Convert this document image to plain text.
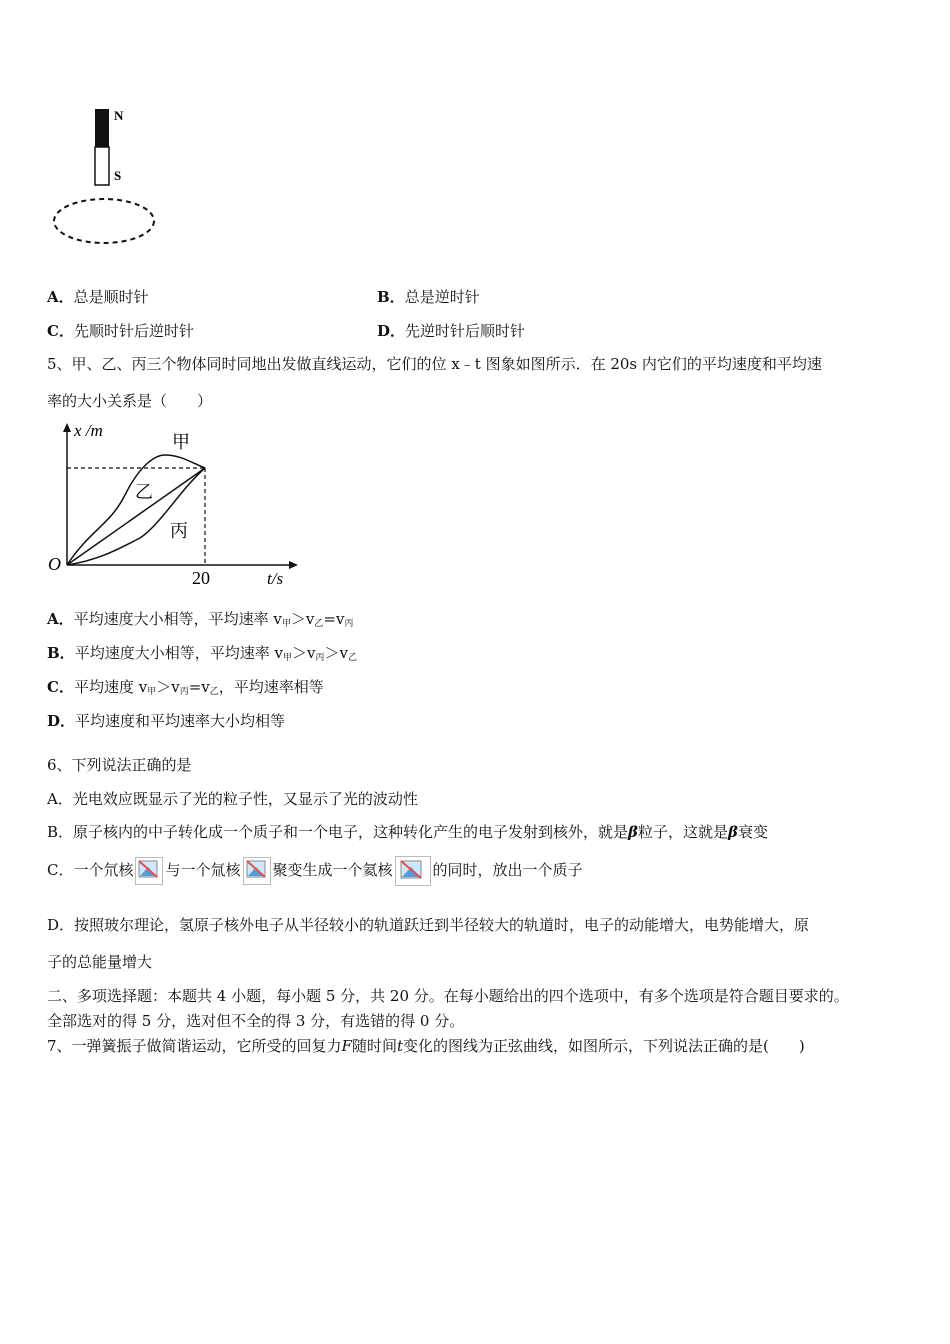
N
S
A．总是顺时针	B．总是逆时针
C．先顺时针后逆时针	D．先逆时针后顺时针
5、甲、乙、丙三个物体同时同地出发做直线运动，它们的位 x﹣t 图象如图所示．在 20s 内它们的平均速度和平均速
率的大小关系是（　　）
x /m
t/s
O
20
甲
乙
丙
A．平均速度大小相等，平均速率 $v_甲>v_乙=v_丙$
B．平均速度大小相等，平均速率 $v_甲>v_丙>v_乙$
C．平均速度 $v_甲>v_丙=v_乙$，平均速率相等
D．平均速度和平均速率大小均相等
6、下列说法正确的是
A．光电效应既显示了光的粒子性，又显示了光的波动性
B．原子核内的中子转化成一个质子和一个电子，这种转化产生的电子发射到核外，就是β粒子，这就是β衰变
C．一个氘核 与一个氚核 聚变生成一个氦核	的同时，放出一个质子
D．按照玻尔理论，氢原子核外电子从半径较小的轨道跃迁到半径较大的轨道时，电子的动能增大，电势能增大，原
子的总能量增大
二、多项选择题：本题共 4 小题，每小题 5 分，共 20 分。在每小题给出的四个选项中，有多个选项是符合题目要求的。
全部选对的得 5 分，选对但不全的得 3 分，有选错的得 0 分。
7、一弹簧振子做简谐运动，它所受的回复力F随时间t变化的图线为正弦曲线，如图所示，下列说法正确的是(　　)
